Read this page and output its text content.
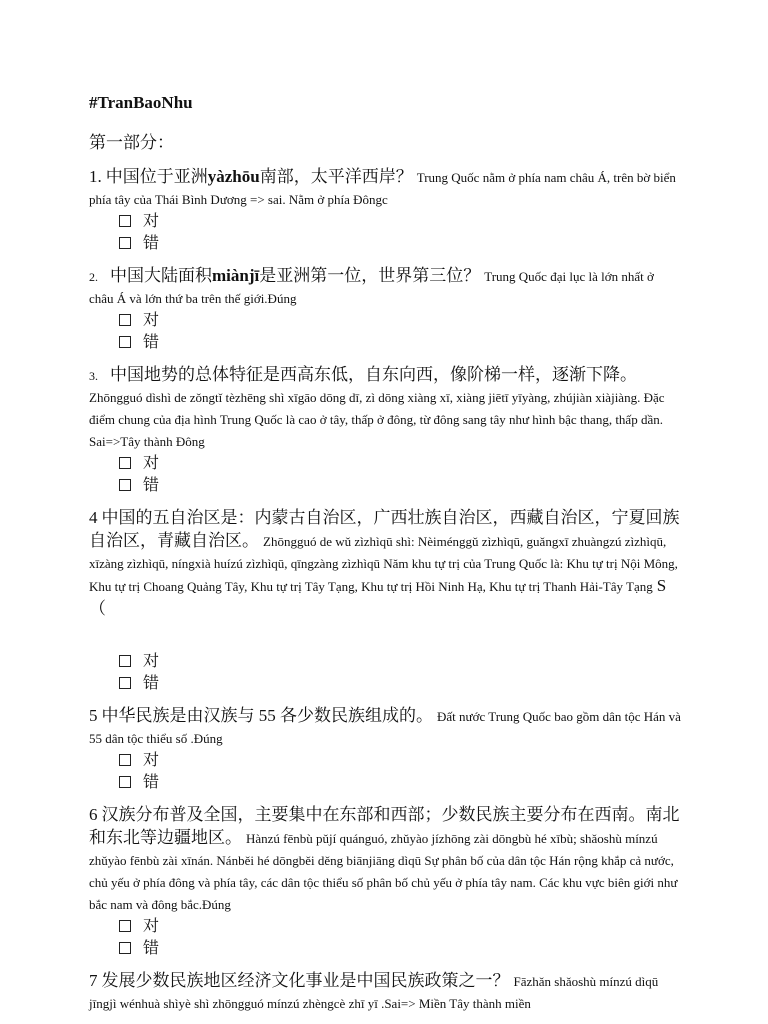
#TranBaoNhu

第一部分：
1. 中国位于亚洲yàzhōu南部，太平洋西岸？ Trung Quốc nằm ở phía nam châu Á, trên bờ biển phía tây của Thái Bình Dương => sai. Nằm ở phía Đôngc
对
错
2. 中国大陆面积miànjī是亚洲第一位，世界第三位？ Trung Quốc đại lục là lớn nhất ở châu Á và lớn thứ ba trên thế giới.Đúng
对
错
3. 中国地势的总体特征是西高东低，自东向西，像阶梯一样，逐渐下降。 Zhōngguó dìshì de zǒngtǐ tèzhēng shì xīgāo dōng dī, zì dōng xiàng xī, xiàng jiētī yīyàng, zhújiàn xiàjiàng. Đặc điểm chung của địa hình Trung Quốc là cao ở tây, thấp ở đông, từ đông sang tây như hình bậc thang, thấp dần. Sai=>Tây thành Đông
对
错
4 中国的五自治区是：内蒙古自治区，广西壮族自治区，西藏自治区，宁夏回族自治区，青藏自治区。 Zhōngguó de wǔ zìzhìqū shì: Nèiménggǔ zìzhìqū, guǎngxī zhuàngzú zìzhìqū, xīzàng zìzhìqū, níngxià huízú zìzhìqū, qīngzàng zìzhìqū Năm khu tự trị của Trung Quốc là: Khu tự trị Nội Mông, Khu tự trị Choang Quảng Tây, Khu tự trị Tây Tạng, Khu tự trị Hồi Ninh Hạ, Khu tự trị Thanh Hải-Tây Tạng S （
对
错
5 中华民族是由汉族与 55 各少数民族组成的。 Đất nước Trung Quốc bao gồm dân tộc Hán và 55 dân tộc thiểu số .Đúng
对
错
6 汉族分布普及全国，主要集中在东部和西部；少数民族主要分布在西南。南北和东北等边疆地区。 Hànzú fēnbù pǔjí quánguó, zhǔyào jízhōng zài dōngbù hé xībù; shǎoshù mínzú zhǔyào fēnbù zài xīnán. Nánběi hé dōngběi děng biānjiāng dìqū Sự phân bố của dân tộc Hán rộng khắp cả nước, chủ yếu ở phía đông và phía tây, các dân tộc thiểu số phân bố chủ yếu ở phía tây nam. Các khu vực biên giới như bắc nam và đông bắc.Đúng
对
错
7 发展少数民族地区经济文化事业是中国民族政策之一？ Fāzhǎn shǎoshù mínzú dìqū jīngjì wénhuà shìyè shì zhōngguó mínzú zhèngcè zhī yī .Sai=> Miền Tây thành miền
